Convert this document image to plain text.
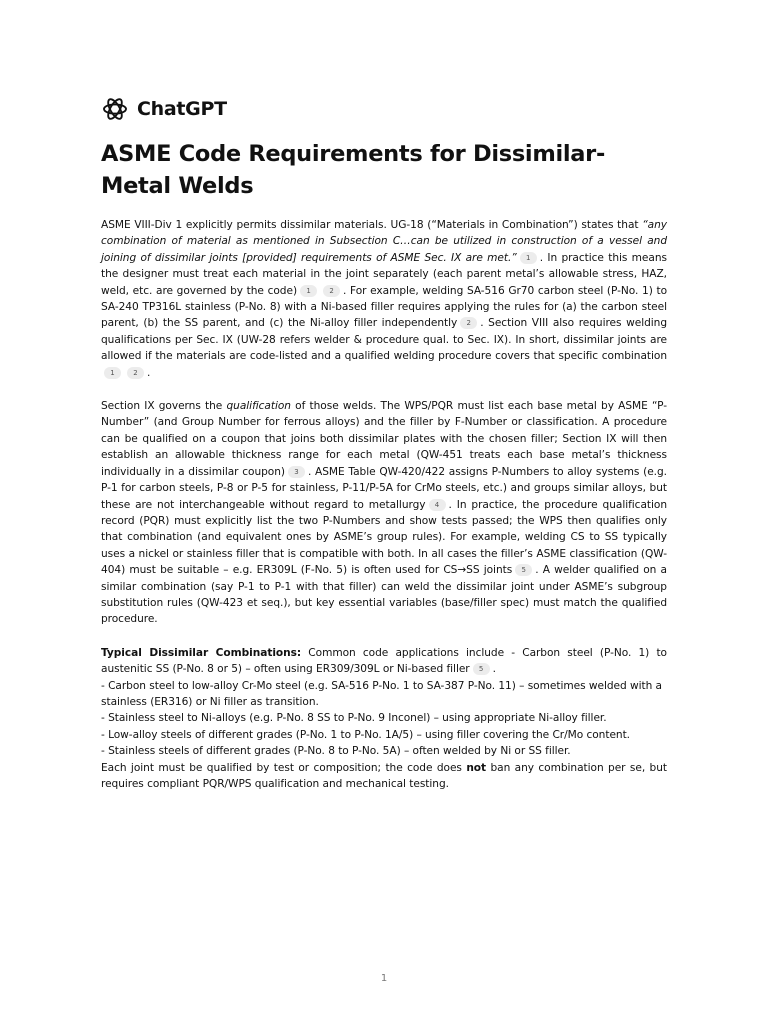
ChatGPT
ASME Code Requirements for Dissimilar-Metal Welds

ASME VIII-Div 1 explicitly permits dissimilar materials. UG-18 (“Materials in Combination”) states that “any combination of material as mentioned in Subsection C…can be utilized in construction of a vessel and joining of dissimilar joints [provided] requirements of ASME Sec. IX are met.” 1 . In practice this means the designer must treat each material in the joint separately (each parent metal’s allowable stress, HAZ, weld, etc. are governed by the code) 1	2 . For example, welding SA-516 Gr70 carbon steel (P-No. 1) to SA-240 TP316L stainless (P-No. 8) with a Ni-based filler requires applying the rules for (a) the carbon steel parent, (b) the SS parent, and (c) the Ni-alloy filler independently 2 . Section VIII also requires welding qualifications per Sec. IX (UW-28 refers welder & procedure qual. to Sec. IX). In short, dissimilar joints are allowed if the materials are code-listed and a qualified welding procedure covers that specific combination1	2 .

Section IX governs the qualification of those welds. The WPS/PQR must list each base metal by ASME “P-Number” (and Group Number for ferrous alloys) and the filler by F-Number or classification. A procedure can be qualified on a coupon that joins both dissimilar plates with the chosen filler; Section IX will then establish an allowable thickness range for each metal (QW-451 treats each base metal’s thickness individually in a dissimilar coupon) 3 . ASME Table QW-420/422 assigns P-Numbers to alloy systems (e.g. P-1 for carbon steels, P-8 or P-5 for stainless, P-11/P-5A for CrMo steels, etc.) and groups similar alloys, but these are not interchangeable without regard to metallurgy 4 . In practice, the procedure qualification record (PQR) must explicitly list the two P-Numbers and show tests passed; the WPS then qualifies only that combination (and equivalent ones by ASME’s group rules). For example, welding CS to SS typically uses a nickel or stainless filler that is compatible with both. In all cases the filler’s ASME classification (QW-404) must be suitable – e.g. ER309L (F-No. 5) is often used for CS→SS joints 5 . A welder qualified on a similar combination (say P-1 to P-1 with that filler) can weld the dissimilar joint under ASME’s subgroup substitution rules (QW-423 et seq.), but key essential variables (base/filler spec) must match the qualified procedure.

Typical Dissimilar Combinations: Common code applications include - Carbon steel (P-No. 1) to austenitic SS (P-No. 8 or 5) – often using ER309/309L or Ni-based filler 5 .

- Carbon steel to low-alloy Cr-Mo steel (e.g. SA-516 P-No. 1 to SA-387 P-No. 11) – sometimes welded with a stainless (ER316) or Ni filler as transition.
- Stainless steel to Ni-alloys (e.g. P-No. 8 SS to P-No. 9 Inconel) – using appropriate Ni-alloy filler.
- Low-alloy steels of different grades (P-No. 1 to P-No. 1A/5) – using filler covering the Cr/Mo content.
- Stainless steels of different grades (P-No. 8 to P-No. 5A) – often welded by Ni or SS filler.
Each joint must be qualified by test or composition; the code does not ban any combination per se, but requires compliant PQR/WPS qualification and mechanical testing.
1
